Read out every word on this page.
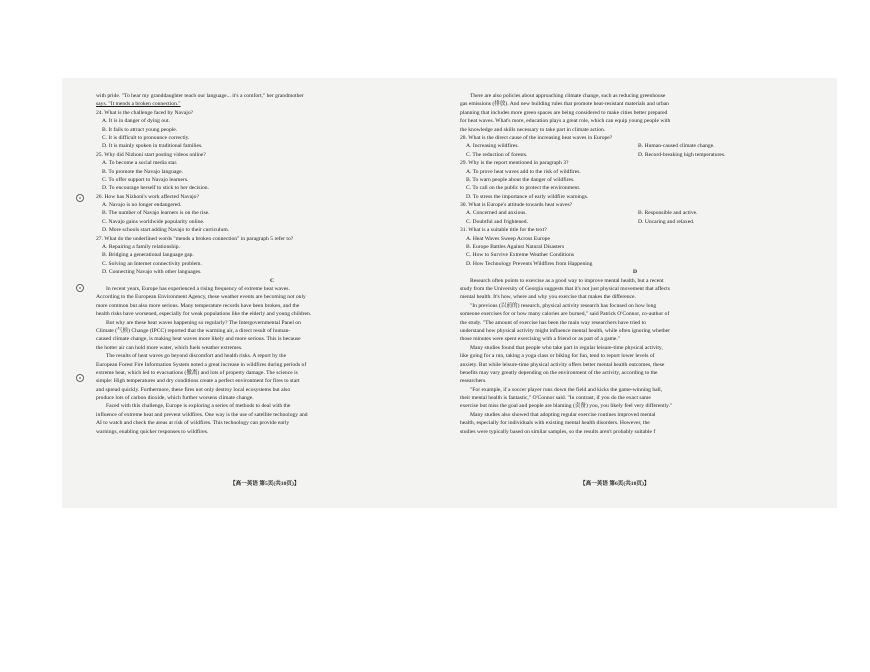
with pride. "To hear my granddaughter teach our language... it's a comfort," her grandmother
says. "It mends a broken connection."
24. What is the challenge faced by Navajo?
A. It is in danger of dying out.
B. It fails to attract young people.
C. It is difficult to pronounce correctly.
D. It is mainly spoken in traditional families.
25. Why did Nizhoni start posting videos online?
A. To become a social media star.
B. To promote the Navajo language.
C. To offer support to Navajo learners.
D. To encourage herself to stick to her decision.
26. How has Nizhoni's work affected Navajo?
A. Navajo is no longer endangered.
B. The number of Navajo learners is on the rise.
C. Navajo gains worldwide popularity online.
D. More schools start adding Navajo to their curriculum.
27. What do the underlined words "mends a broken connection" in paragraph 5 refer to?
A. Repairing a family relationship.
B. Bridging a generational language gap.
C. Solving an Internet connectivity problem.
D. Connecting Navajo with other languages.
C
In recent years, Europe has experienced a rising frequency of extreme heat waves.
According to the European Environment Agency, these weather events are becoming not only
more common but also more serious. Many temperature records have been broken, and the
health risks have worsened, especially for weak populations like the elderly and young children.
But why are these heat waves happening so regularly? The Intergovernmental Panel on
Climate (气候) Change (IPCC) reported that the warming air, a direct result of human-
caused climate change, is making heat waves more likely and more serious. This is because
the hotter air can hold more water, which fuels weather extremes.
The results of heat waves go beyond discomfort and health risks. A report by the
European Forest Fire Information System noted a great increase in wildfires during periods of
extreme heat, which led to evacuations (撤离) and lots of property damage. The science is
simple: High temperatures and dry conditions create a perfect environment for fires to start
and spread quickly. Furthermore, these fires not only destroy local ecosystems but also
produce lots of carbon dioxide, which further worsens climate change.
Faced with this challenge, Europe is exploring a series of methods to deal with the
influence of extreme heat and prevent wildfires. One way is the use of satellite technology and
AI to watch and check the areas at risk of wildfires. This technology can provide early
warnings, enabling quicker responses to wildfires.
There are also policies about approaching climate change, such as reducing greenhouse
gas emissions (排放). And new building rules that promote heat-resistant materials and urban
planning that includes more green spaces are being considered to make cities better prepared
for heat waves. What's more, education plays a great role, which can equip young people with
the knowledge and skills necessary to take part in climate action.
28. What is the direct cause of the increasing heat waves in Europe?
A. Increasing wildfires.	B. Human-caused climate change.
C. The reduction of forests.	D. Record-breaking high temperatures.
29. Why is the report mentioned in paragraph 3?
A. To prove heat waves add to the risk of wildfires.
B. To warn people about the danger of wildfires.
C. To call on the public to protect the environment.
D. To stress the importance of early wildfire warnings.
30. What is Europe's attitude towards heat waves?
A. Concerned and anxious.	B. Responsible and active.
C. Doubtful and frightened.	D. Uncaring and relaxed.
31. What is a suitable title for the text?
A. Heat Waves Sweep Across Europe
B. Europe Battles Against Natural Disasters
C. How to Survive Extreme Weather Conditions
D. How Technology Prevents Wildfires from Happening
D
Research often points to exercise as a good way to improve mental health, but a recent
study from the University of Georgia suggests that it's not just physical movement that affects
mental health. It's how, where and why you exercise that makes the difference.
"In previous (以前的) research, physical activity research has focused on how long
someone exercises for or how many calories are burned," said Patrick O'Connor, co-author of
the study. "The amount of exercise has been the main way researchers have tried to
understand how physical activity might influence mental health, while often ignoring whether
those minutes were spent exercising with a friend or as part of a game."
Many studies found that people who take part in regular leisure-time physical activity,
like going for a run, taking a yoga class or biking for fun, tend to report lower levels of
anxiety. But while leisure-time physical activity offers better mental health outcomes, these
benefits may vary greatly depending on the environment of the activity, according to the
researchers.
"For example, if a soccer player runs down the field and kicks the game-winning ball,
their mental health is fantastic," O'Connor said. "In contrast, if you do the exact same
exercise but miss the goal and people are blaming (责备) you, you likely feel very differently."
Many studies also showed that adopting regular exercise routines improved mental
health, especially for individuals with existing mental health disorders. However, the
studies were typically based on similar samples, so the results aren't probably suitable f
【高一英语 第5页(共10页)】	【高一英语 第6页(共10页)】
